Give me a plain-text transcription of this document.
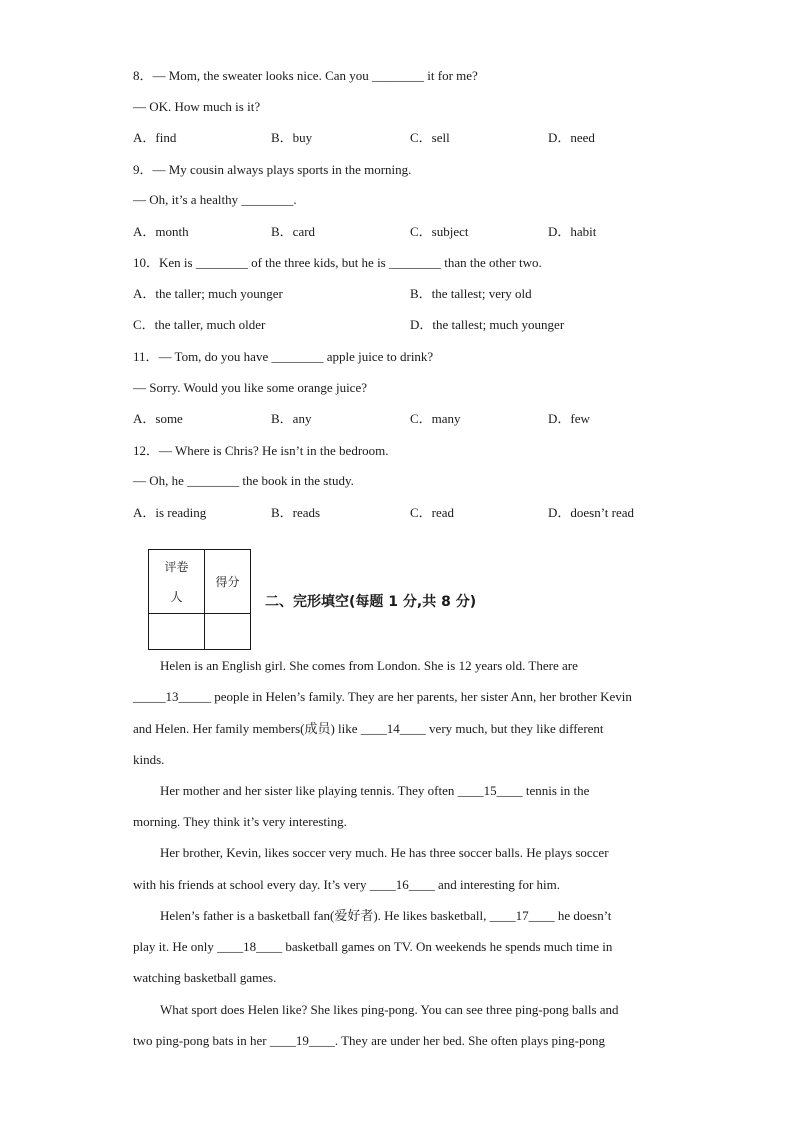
8．— Mom, the sweater looks nice. Can you ________ it for me?
— OK. How much is it?
A．find	B．buy	C．sell	D．need
9．— My cousin always plays sports in the morning.
— Oh, it’s a healthy ________.
A．month	B．card	C．subject	D．habit
10．Ken is ________ of the three kids, but he is ________ than the other two.
A．the taller; much younger	B．the tallest; very old
C．the taller, much older	D．the tallest; much younger
11．— Tom, do you have ________ apple juice to drink?
— Sorry. Would you like some orange juice?
A．some	B．any	C．many	D．few
12．— Where is Chris? He isn’t in the bedroom.
— Oh, he ________ the book in the study.
A．is reading	B．reads	C．read	D．doesn’t read
评卷
人	得分

二、完形填空(每题 1 分,共 8 分)
Helen is an English girl. She comes from London. She is 12 years old. There are
_____13_____ people in Helen’s family. They are her parents, her sister Ann, her brother Kevin
and Helen. Her family members(成员) like ____14____ very much, but they like different
kinds.
Her mother and her sister like playing tennis. They often ____15____ tennis in the
morning. They think it’s very interesting.
Her brother, Kevin, likes soccer very much. He has three soccer balls. He plays soccer
with his friends at school every day. It’s very ____16____ and interesting for him.
Helen’s father is a basketball fan(爱好者). He likes basketball, ____17____ he doesn’t
play it. He only ____18____ basketball games on TV. On weekends he spends much time in
watching basketball games.
What sport does Helen like? She likes ping-pong. You can see three ping-pong balls and
two ping-pong bats in her ____19____. They are under her bed. She often plays ping-pong
